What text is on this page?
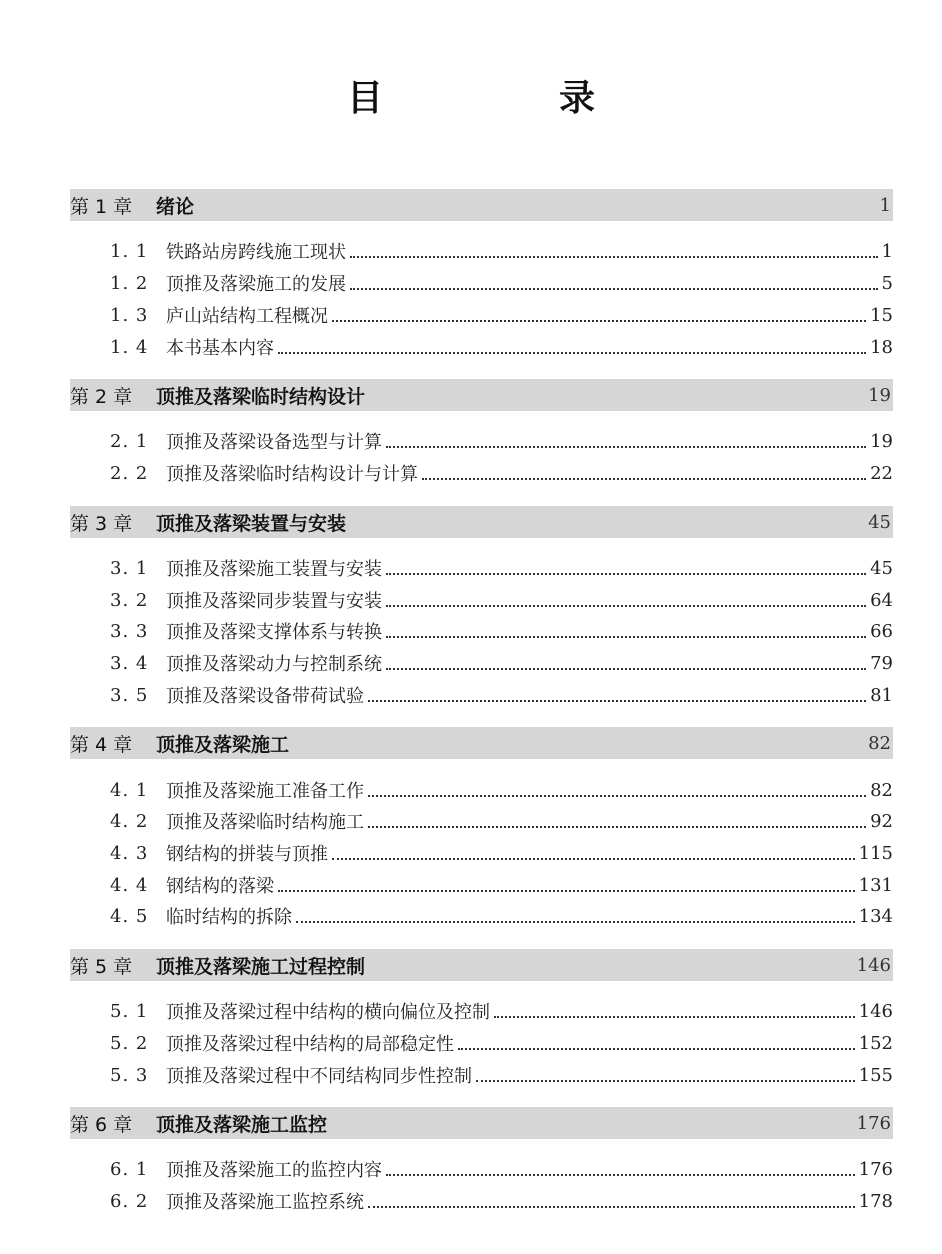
目　录
第 1 章	绪论	1
1. 1 铁路站房跨线施工现状	1
1. 2 顶推及落梁施工的发展	5
1. 3 庐山站结构工程概况	15
1. 4 本书基本内容	18
第 2 章	顶推及落梁临时结构设计	19
2. 1 顶推及落梁设备选型与计算	19
2. 2 顶推及落梁临时结构设计与计算	22
第 3 章	顶推及落梁装置与安装	45
3. 1 顶推及落梁施工装置与安装	45
3. 2 顶推及落梁同步装置与安装	64
3. 3 顶推及落梁支撑体系与转换	66
3. 4 顶推及落梁动力与控制系统	79
3. 5 顶推及落梁设备带荷试验	81
第 4 章	顶推及落梁施工	82
4. 1 顶推及落梁施工准备工作	82
4. 2 顶推及落梁临时结构施工	92
4. 3 钢结构的拼装与顶推	115
4. 4 钢结构的落梁	131
4. 5 临时结构的拆除	134
第 5 章	顶推及落梁施工过程控制	146
5. 1 顶推及落梁过程中结构的横向偏位及控制	146
5. 2 顶推及落梁过程中结构的局部稳定性	152
5. 3 顶推及落梁过程中不同结构同步性控制	155
第 6 章	顶推及落梁施工监控	176
6. 1 顶推及落梁施工的监控内容	176
6. 2 顶推及落梁施工监控系统	178
